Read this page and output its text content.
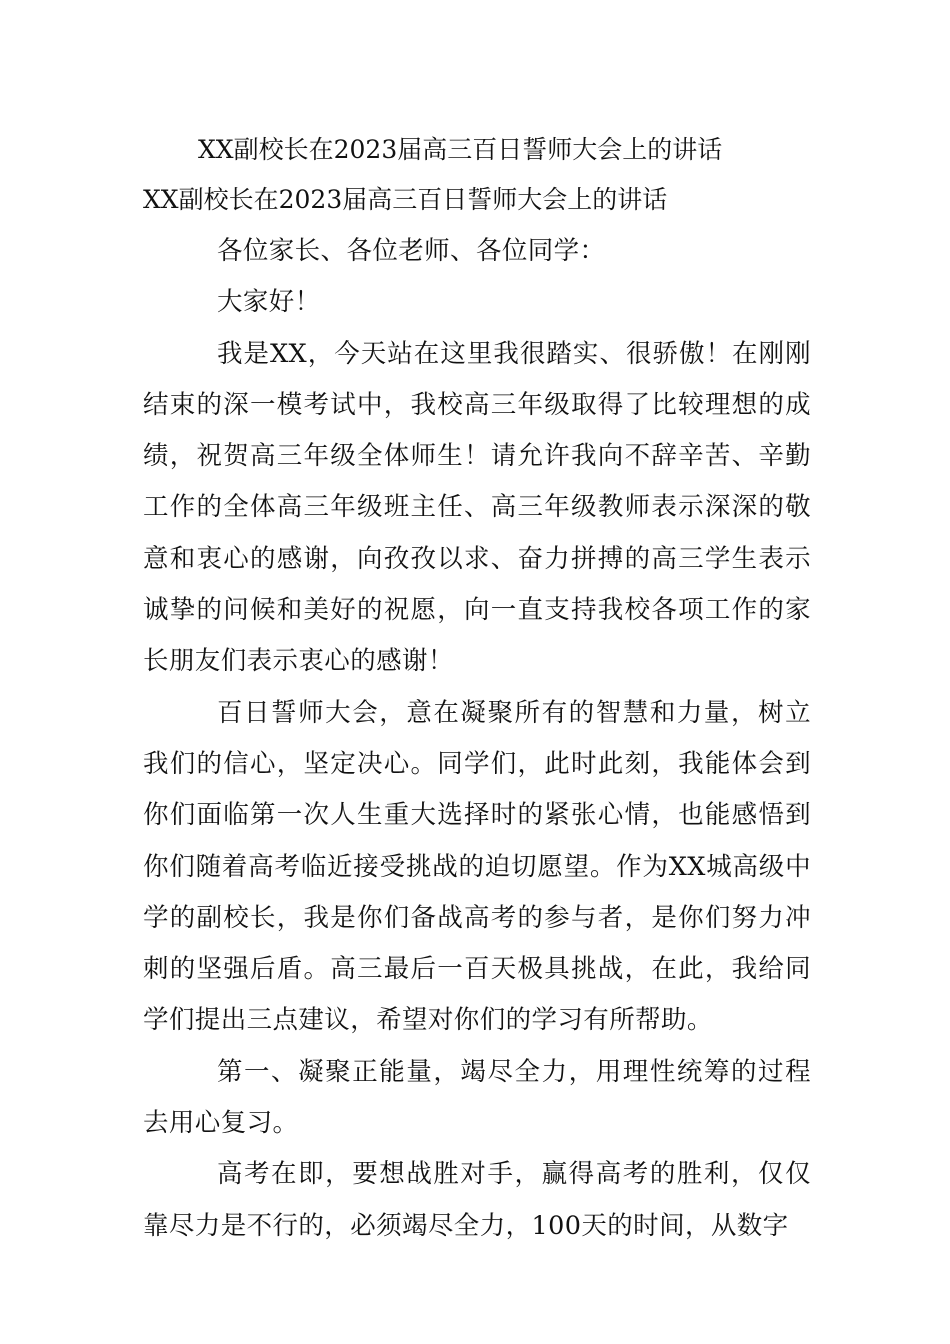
XX副校长在2023届高三百日誓师大会上的讲话
XX副校长在2023届高三百日誓师大会上的讲话

各位家长、各位老师、各位同学：

大家好！

我是XX，今天站在这里我很踏实、很骄傲！在刚刚结束的深一模考试中，我校高三年级取得了比较理想的成绩，祝贺高三年级全体师生！请允许我向不辞辛苦、辛勤工作的全体高三年级班主任、高三年级教师表示深深的敬意和衷心的感谢，向孜孜以求、奋力拼搏的高三学生表示诚挚的问候和美好的祝愿，向一直支持我校各项工作的家长朋友们表示衷心的感谢！

百日誓师大会，意在凝聚所有的智慧和力量，树立我们的信心，坚定决心。同学们，此时此刻，我能体会到你们面临第一次人生重大选择时的紧张心情，也能感悟到你们随着高考临近接受挑战的迫切愿望。作为XX城高级中学的副校长，我是你们备战高考的参与者，是你们努力冲刺的坚强后盾。高三最后一百天极具挑战，在此，我给同学们提出三点建议，希望对你们的学习有所帮助。

第一、凝聚正能量，竭尽全力，用理性统筹的过程去用心复习。

高考在即，要想战胜对手，赢得高考的胜利，仅仅靠尽力是不行的，必须竭尽全力，100天的时间，从数字
